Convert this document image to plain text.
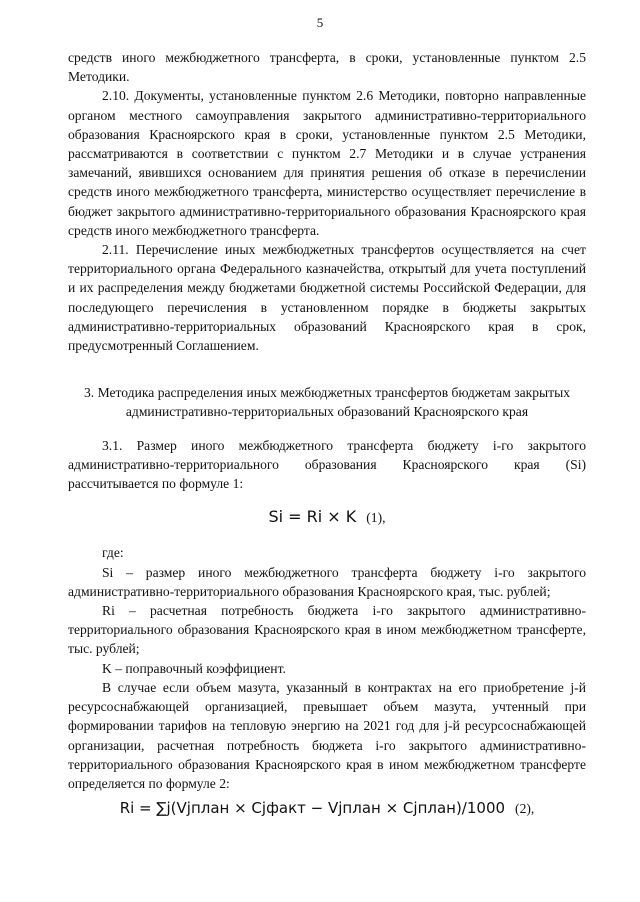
5

средств иного межбюджетного трансферта, в сроки, установленные пунктом 2.5 Методики.

2.10. Документы, установленные пунктом 2.6 Методики, повторно направленные органом местного самоуправления закрытого административно-территориального образования Красноярского края в сроки, установленные пунктом 2.5 Методики, рассматриваются в соответствии с пунктом 2.7 Методики и в случае устранения замечаний, явившихся основанием для принятия решения об отказе в перечислении средств иного межбюджетного трансферта, министерство осуществляет перечисление в бюджет закрытого административно-территориального образования Красноярского края средств иного межбюджетного трансферта.

2.11. Перечисление иных межбюджетных трансфертов осуществляется на счет территориального органа Федерального казначейства, открытый для учета поступлений и их распределения между бюджетами бюджетной системы Российской Федерации, для последующего перечисления в установленном порядке в бюджеты закрытых административно-территориальных образований Красноярского края в срок, предусмотренный Соглашением.

3. Методика распределения иных межбюджетных трансфертов бюджетам закрытых административно-территориальных образований Красноярского края

3.1. Размер иного межбюджетного трансферта бюджету i-го закрытого административно-территориального образования Красноярского края (Si) рассчитывается по формуле 1:

Si = Ri × K (1),

где:

Si – размер иного межбюджетного трансферта бюджету i-го закрытого административно-территориального образования Красноярского края, тыс. рублей;

Ri – расчетная потребность бюджета i-го закрытого административно-территориального образования Красноярского края в ином межбюджетном трансферте, тыс. рублей;

K – поправочный коэффициент.

В случае если объем мазута, указанный в контрактах на его приобретение j-й ресурсоснабжающей организацией, превышает объем мазута, учтенный при формировании тарифов на тепловую энергию на 2021 год для j-й ресурсоснабжающей организации, расчетная потребность бюджета i-го закрытого административно-территориального образования Красноярского края в ином межбюджетном трансферте определяется по формуле 2:

Ri = ∑j(Vjплан × Cjфакт − Vjплан × Cjплан)/1000 (2),
